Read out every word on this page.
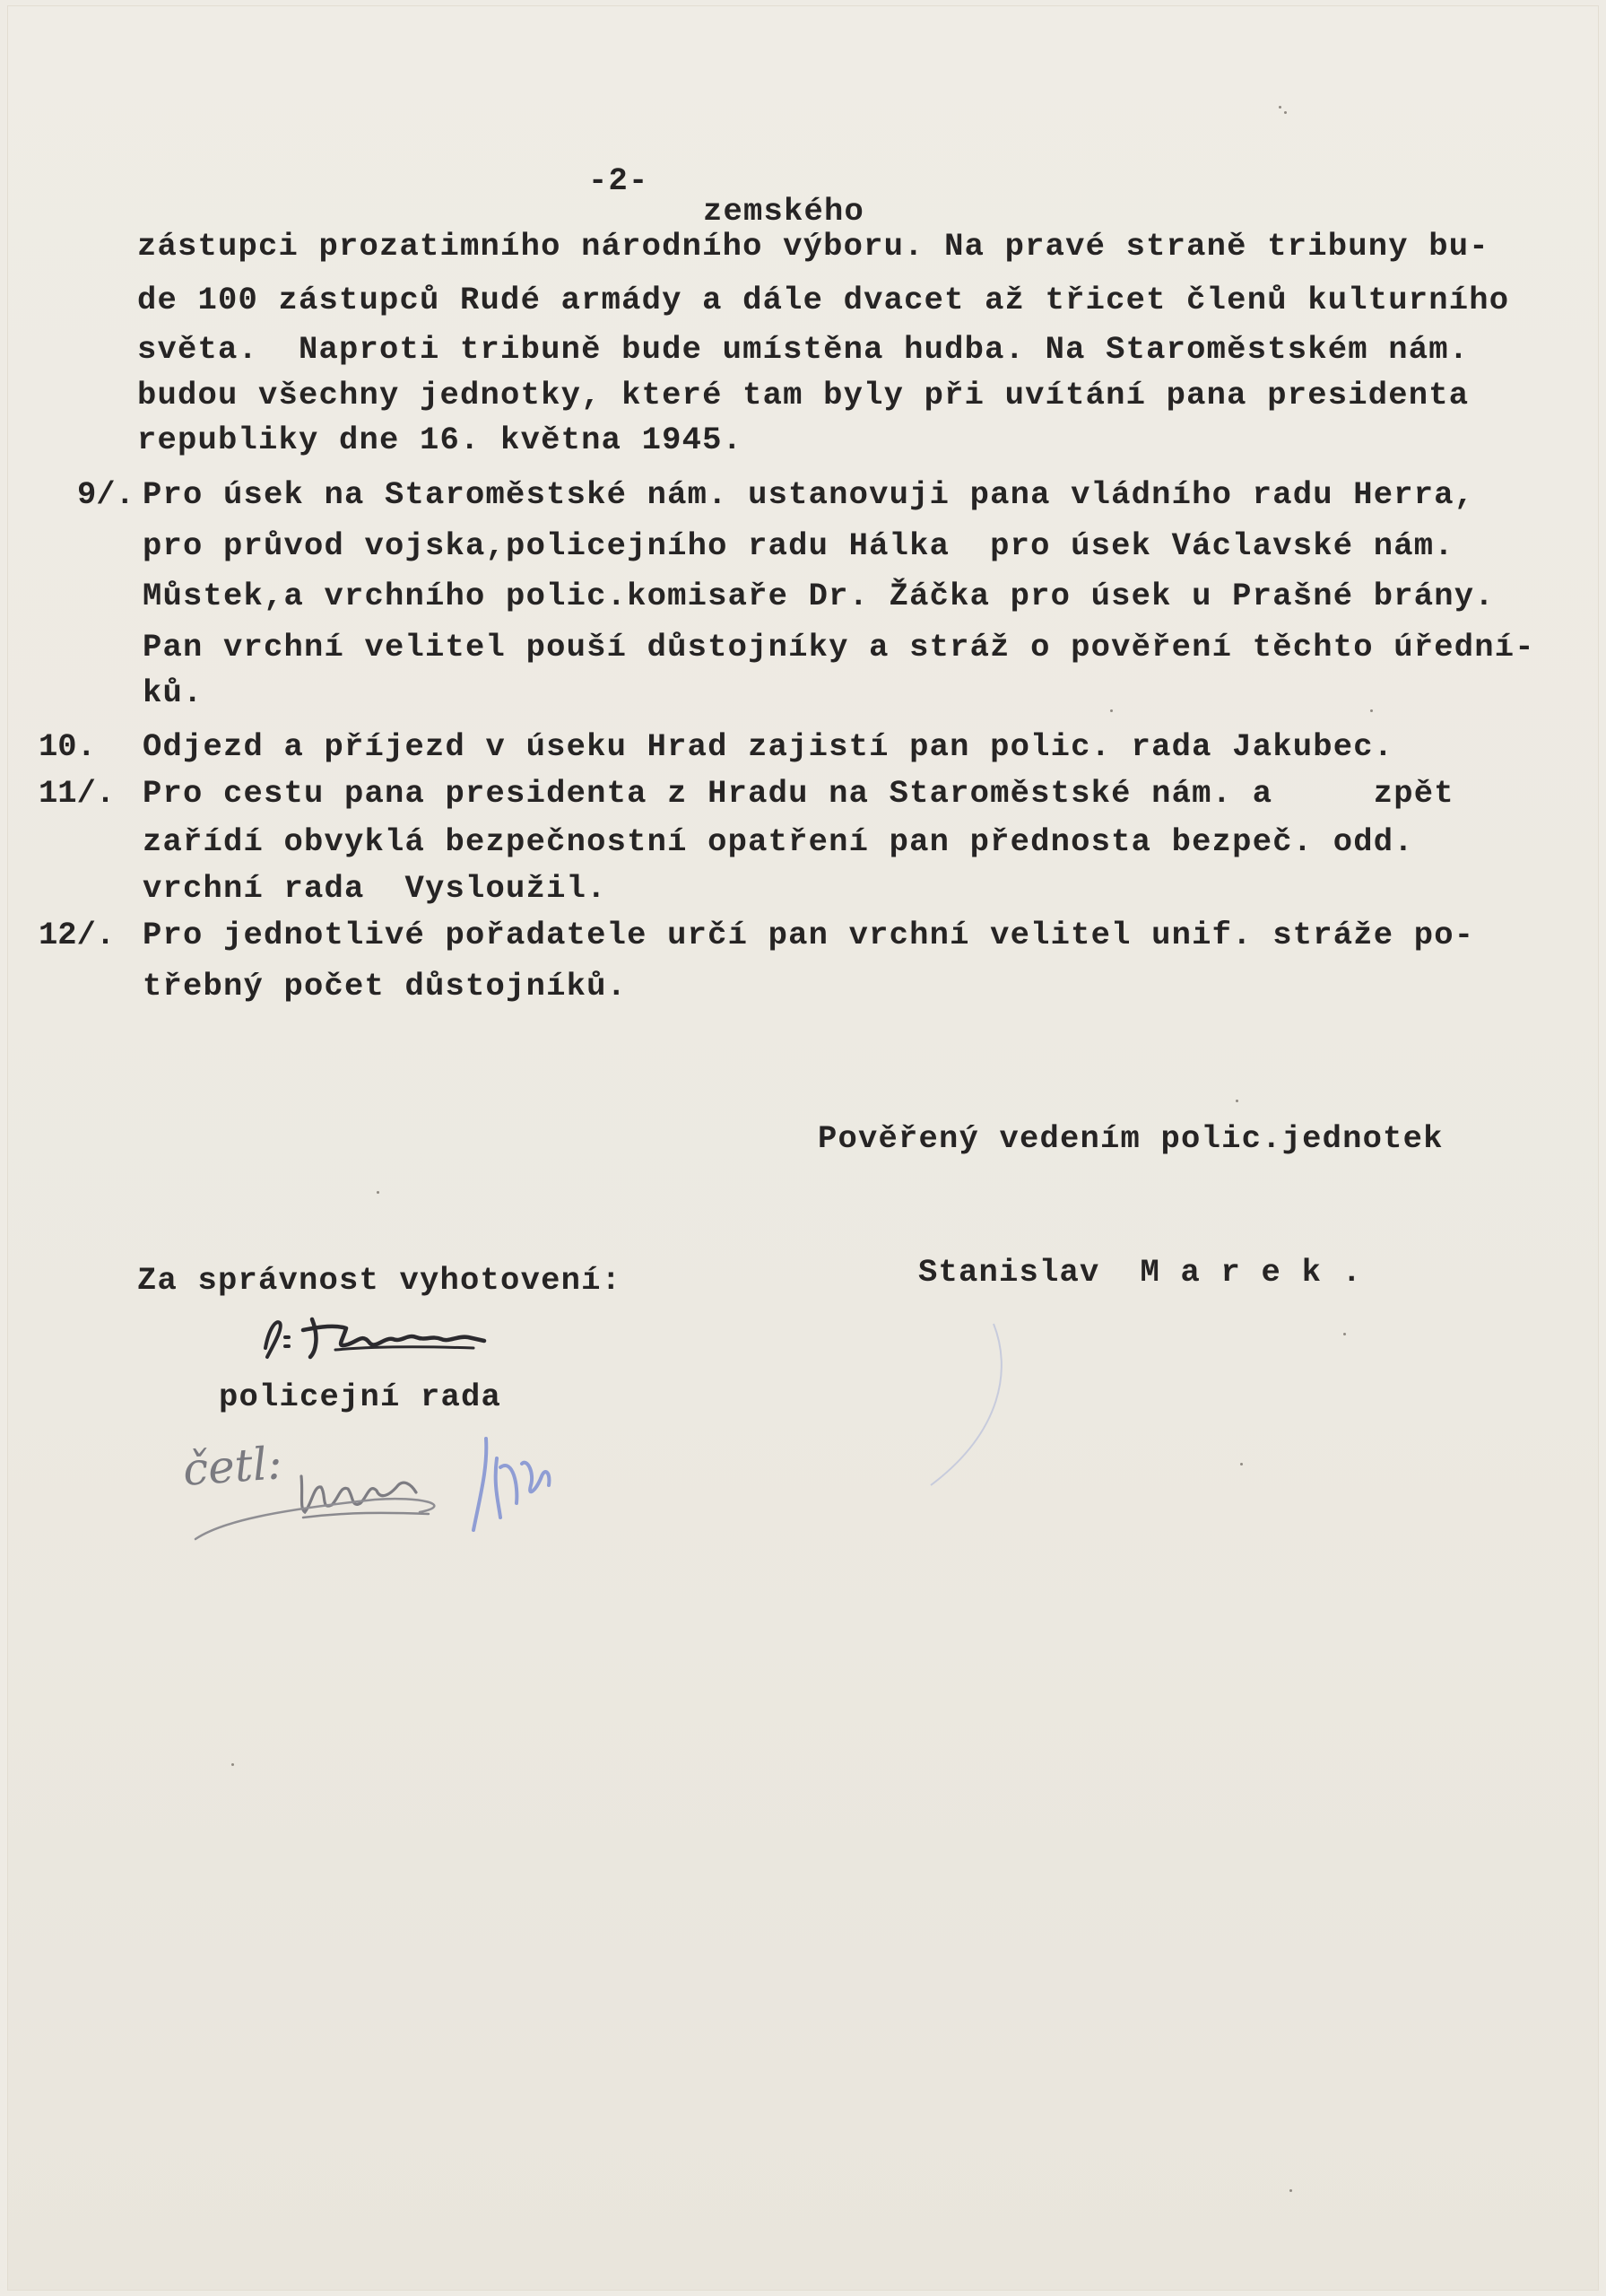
-2-
zemského
zástupci prozatimního národního výboru. Na pravé straně tribuny bu-
de 100 zástupců Rudé armády a dále dvacet až třicet členů kulturního
světa.  Naproti tribuně bude umístěna hudba. Na Staroměstském nám.
budou všechny jednotky, které tam byly při uvítání pana presidenta
republiky dne 16. května 1945.
9/. Pro úsek na Staroměstské nám. ustanovuji pana vládního radu Herra,
pro průvod vojska,policejního radu Hálka  pro úsek Václavské nám.
Můstek,a vrchního polic.komisaře Dr. Žáčka pro úsek u Prašné brány.
Pan vrchní velitel pouší důstojníky a stráž o pověření těchto úřední-
ků.
10. Odjezd a příjezd v úseku Hrad zajistí pan polic. rada Jakubec.
11/. Pro cestu pana presidenta z Hradu na Staroměstské nám. a     zpět
zařídí obvyklá bezpečnostní opatření pan přednosta bezpeč. odd.
vrchní rada  Vysloužil.
12/. Pro jednotlivé pořadatele určí pan vrchní velitel unif. stráže po-
třebný počet důstojníků.
Pověřený vedením polic.jednotek
Stanislav  M a r e k .
Za správnost vyhotovení:
policejní rada
četl:
